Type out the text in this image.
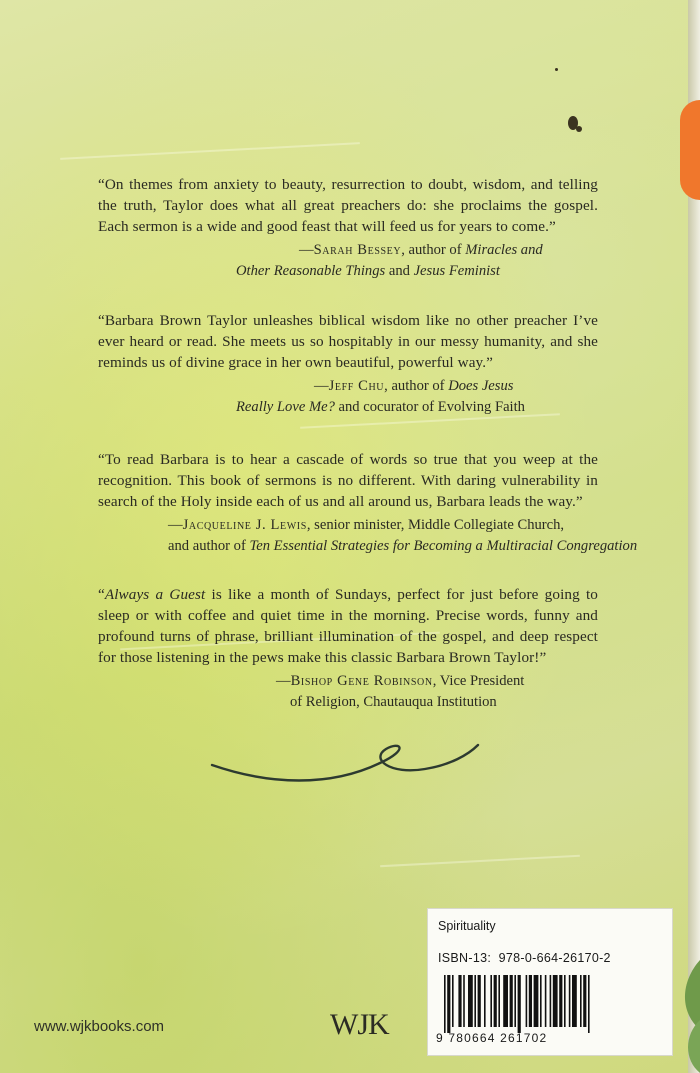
“On themes from anxiety to beauty, resurrection to doubt, wisdom, and telling the truth, Taylor does what all great preachers do: she proclaims the gospel. Each sermon is a wide and good feast that will feed us for years to come.”
—Sarah Bessey, author of Miracles and Other Reasonable Things and Jesus Feminist
“Barbara Brown Taylor unleashes biblical wisdom like no other preacher I’ve ever heard or read. She meets us so hospitably in our messy humanity, and she reminds us of divine grace in her own beautiful, powerful way.”
—Jeff Chu, author of Does Jesus Really Love Me? and cocurator of Evolving Faith
“To read Barbara is to hear a cascade of words so true that you weep at the recognition. This book of sermons is no different. With daring vulnerability in search of the Holy inside each of us and all around us, Barbara leads the way.”
—Jacqueline J. Lewis, senior minister, Middle Collegiate Church,
and author of Ten Essential Strategies for Becoming a Multiracial Congregation
“Always a Guest is like a month of Sundays, perfect for just before going to sleep or with coffee and quiet time in the morning. Precise words, funny and profound turns of phrase, brilliant illumination of the gospel, and deep respect for those listening in the pews make this classic Barbara Brown Taylor!”
—Bishop Gene Robinson, Vice President
of Religion, Chautauqua Institution
www.wjkbooks.com	WJK
Spirituality
ISBN-13: 978-0-664-26170-2
9 780664 261702
